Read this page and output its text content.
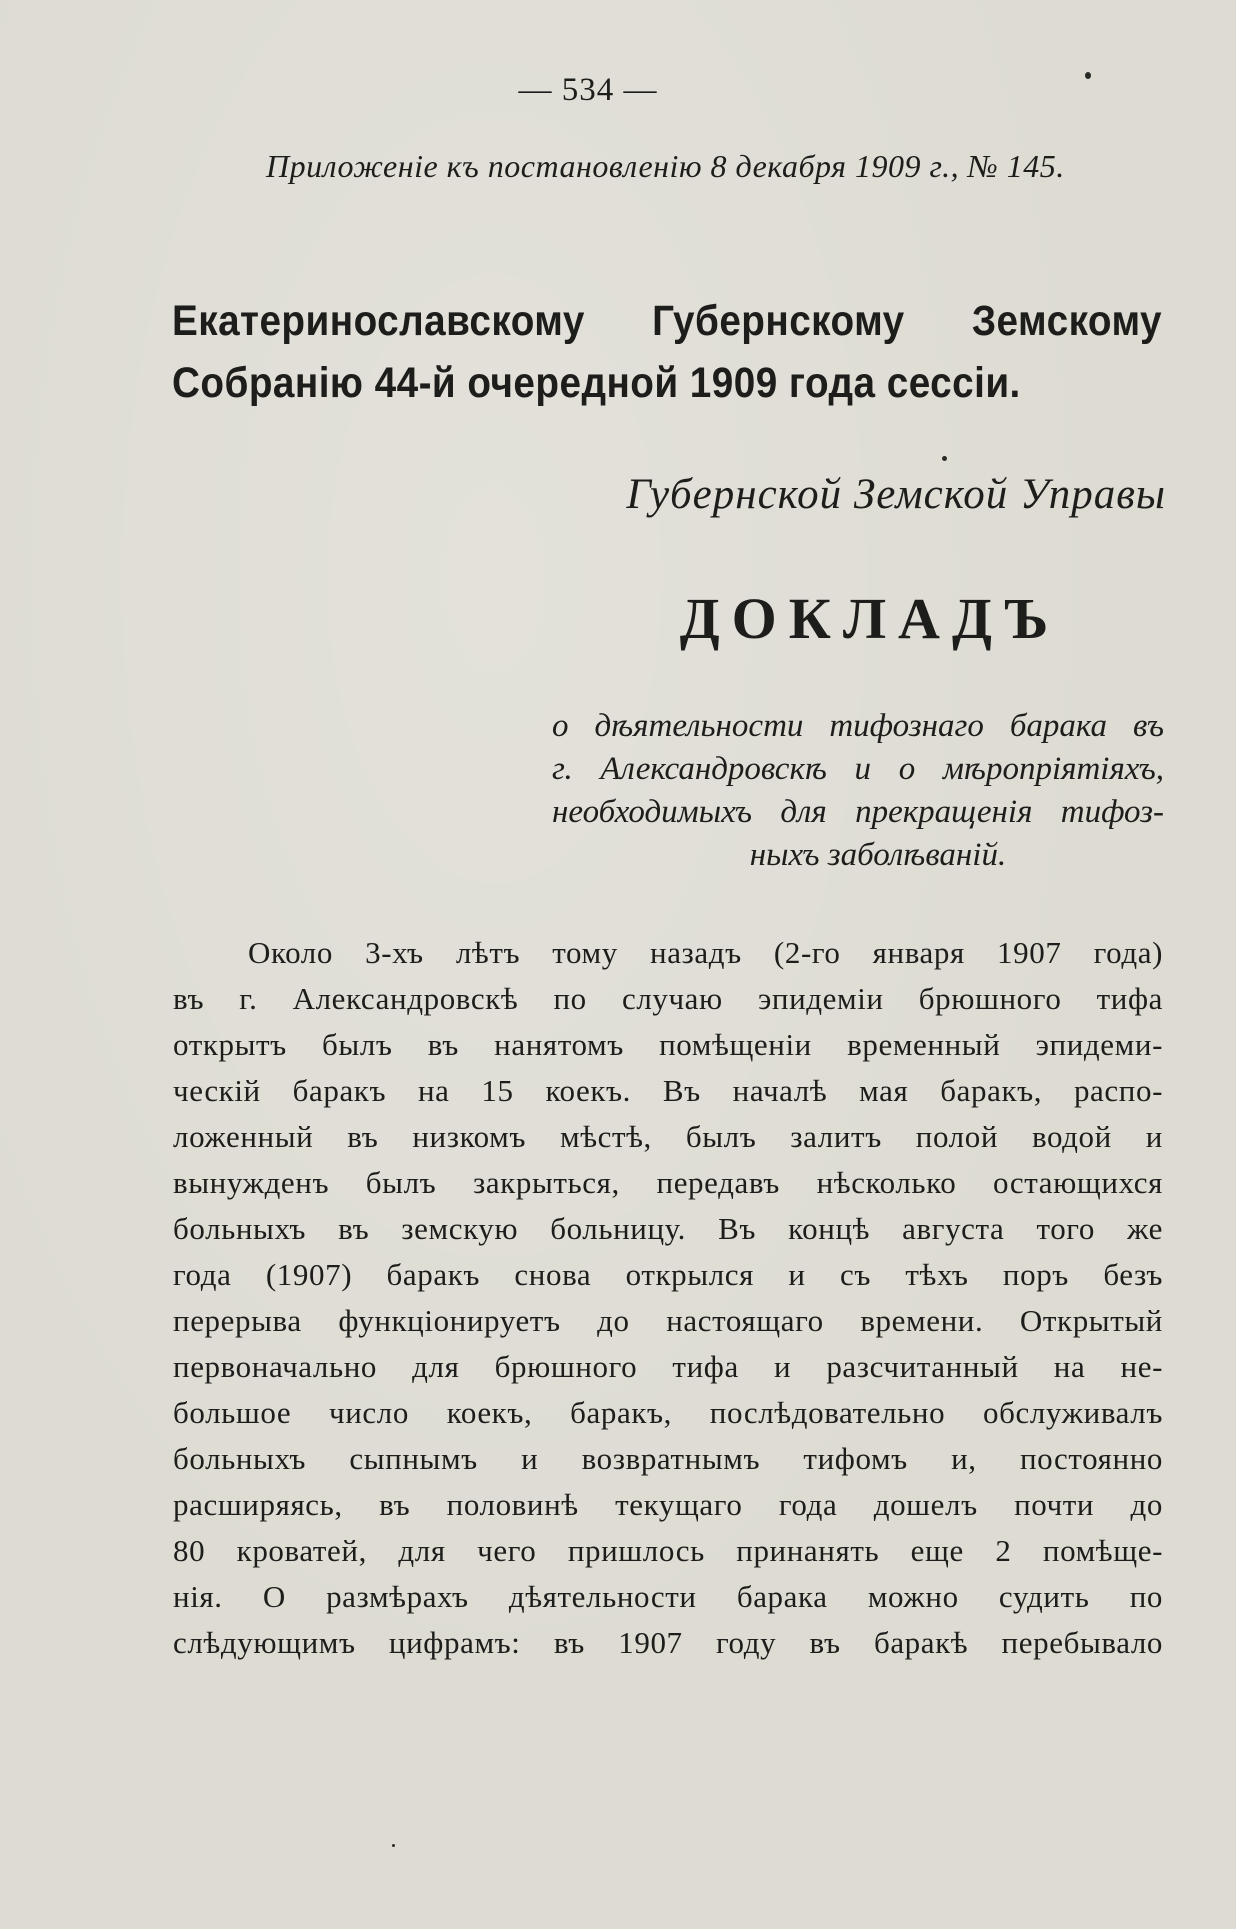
— 534 —
Приложеніе къ постановленію 8 декабря 1909 г., № 145.
Екатеринославскому Губернскому Земскому Собранію 44-й очередной 1909 года сессіи.
Губернской Земской Управы
ДОКЛАДЪ
о дѣятельности тифознаго барака въ
г. Александровскѣ и о мѣропріятіяхъ,
необходимыхъ для прекращенія тифоз-
ныхъ заболѣваній.
Около 3-хъ лѣтъ тому назадъ (2-го января 1907 года)
въ г. Александровскѣ по случаю эпидеміи брюшного тифа
открытъ былъ въ нанятомъ помѣщеніи временный эпидеми-
ческій баракъ на 15 коекъ. Въ началѣ мая баракъ, распо-
ложенный въ низкомъ мѣстѣ, былъ залитъ полой водой и
вынужденъ былъ закрыться, передавъ нѣсколько остающихся
больныхъ въ земскую больницу. Въ концѣ августа того же
года (1907) баракъ снова открылся и съ тѣхъ поръ безъ
перерыва функціонируетъ до настоящаго времени. Открытый
первоначально для брюшного тифа и разсчитанный на не-
большое число коекъ, баракъ, послѣдовательно обслуживалъ
больныхъ сыпнымъ и возвратнымъ тифомъ и, постоянно
расширяясь, въ половинѣ текущаго года дошелъ почти до
80 кроватей, для чего пришлось принанять еще 2 помѣще-
нія. О размѣрахъ дѣятельности барака можно судить по
слѣдующимъ цифрамъ: въ 1907 году въ баракѣ перебывало
